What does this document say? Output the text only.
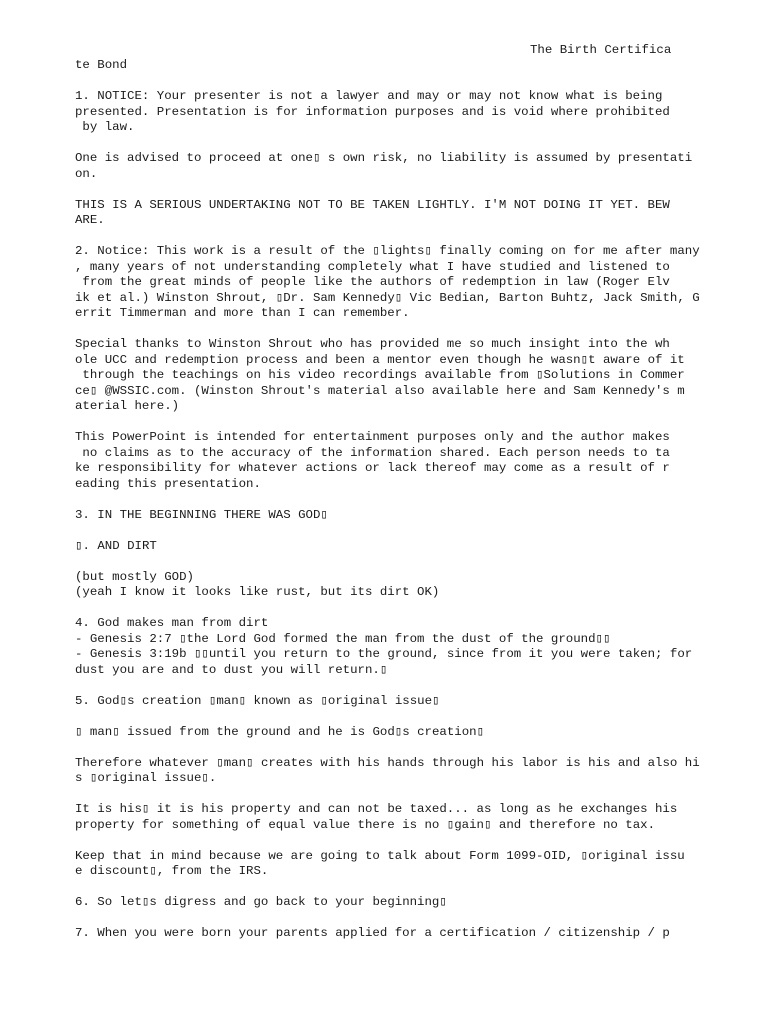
The Birth Certifica
te Bond
1. NOTICE: Your presenter is not a lawyer and may or may not know what is being
presented. Presentation is for information purposes and is void where prohibited
by law.
One is advised to proceed at one▯ s own risk, no liability is assumed by presentati
on.
THIS IS A SERIOUS UNDERTAKING NOT TO BE TAKEN LIGHTLY. I'M NOT DOING IT YET. BEW
ARE.
2. Notice: This work is a result of the ▯lights▯ finally coming on for me after many
, many years of not understanding completely what I have studied and listened to
from the great minds of people like the authors of redemption in law (Roger Elv
ik et al.) Winston Shrout, ▯Dr. Sam Kennedy▯ Vic Bedian, Barton Buhtz, Jack Smith, G
errit Timmerman and more than I can remember.
Special thanks to Winston Shrout who has provided me so much insight into the wh
ole UCC and redemption process and been a mentor even though he wasn▯t aware of it
through the teachings on his video recordings available from ▯Solutions in Commer
ce▯ @WSSIC.com. (Winston Shrout's material also available here and Sam Kennedy's m
aterial here.)
This PowerPoint is intended for entertainment purposes only and the author makes
no claims as to the accuracy of the information shared. Each person needs to ta
ke responsibility for whatever actions or lack thereof may come as a result of r
eading this presentation.
3. IN THE BEGINNING THERE WAS GOD▯
▯. AND DIRT
(but mostly GOD)
(yeah I know it looks like rust, but its dirt OK)
4. God makes man from dirt
- Genesis 2:7 ▯the Lord God formed the man from the dust of the ground▯▯
- Genesis 3:19b ▯▯until you return to the ground, since from it you were taken; for
dust you are and to dust you will return.▯
5. God▯s creation ▯man▯ known as ▯original issue▯
▯ man▯ issued from the ground and he is God▯s creation▯
Therefore whatever ▯man▯ creates with his hands through his labor is his and also hi
s ▯original issue▯.
It is his▯ it is his property and can not be taxed... as long as he exchanges his
property for something of equal value there is no ▯gain▯ and therefore no tax.
Keep that in mind because we are going to talk about Form 1099-OID, ▯original issu
e discount▯, from the IRS.
6. So let▯s digress and go back to your beginning▯
7. When you were born your parents applied for a certification / citizenship / p
